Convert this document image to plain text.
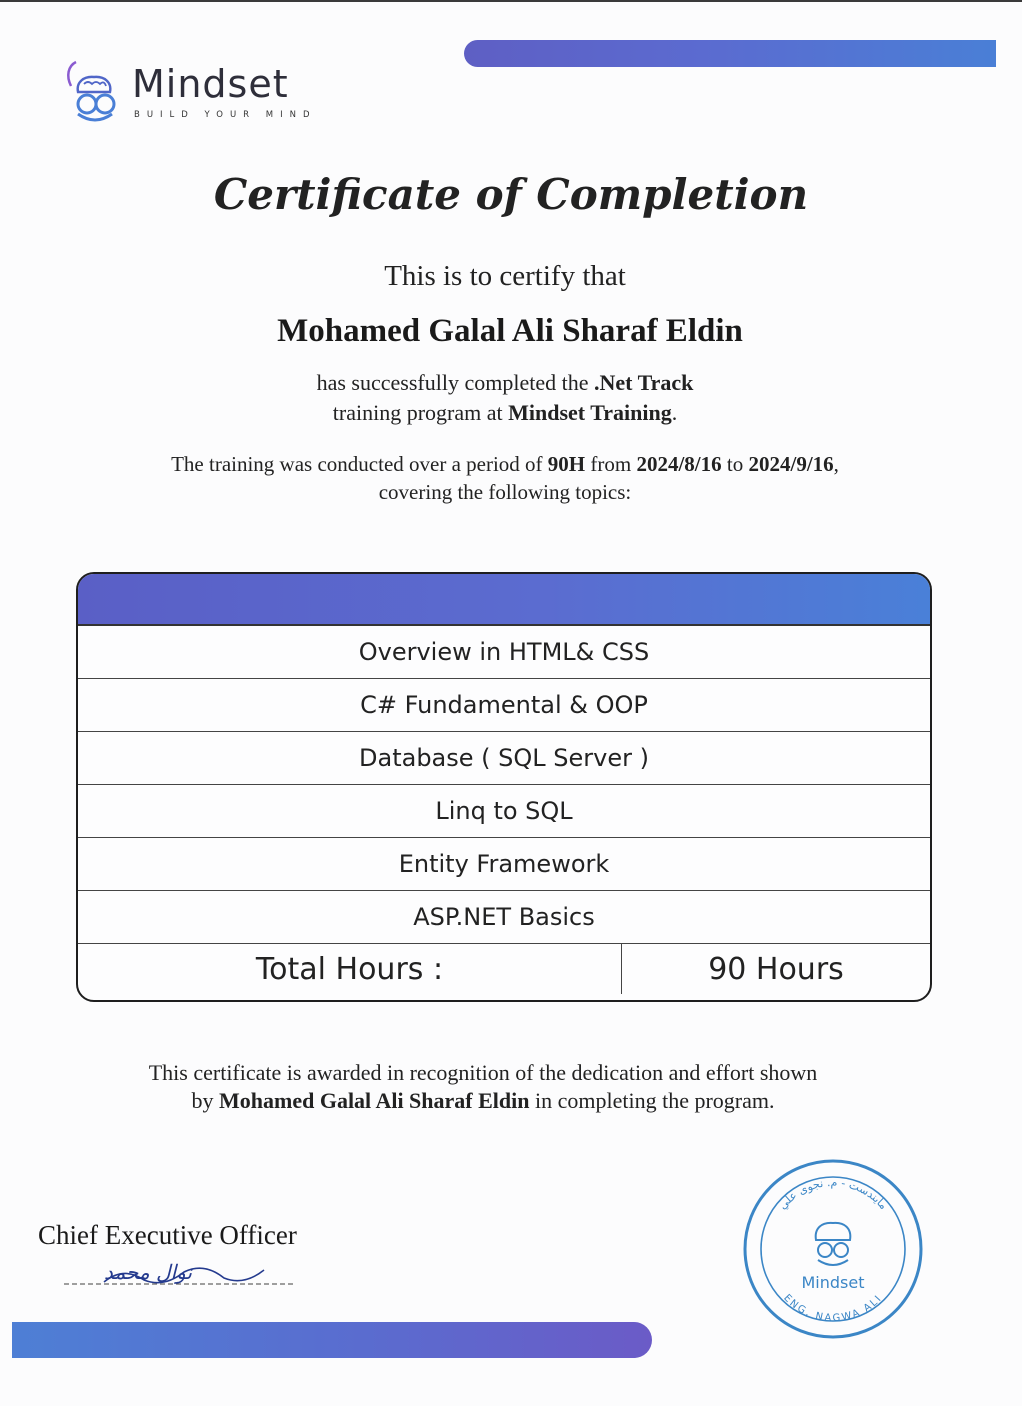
Mindset
BUILD YOUR MIND
Certificate of Completion
This is to certify that
Mohamed Galal Ali Sharaf Eldin
has successfully completed the .Net Track
training program at Mindset Training.
The training was conducted over a period of 90H from 2024/8/16 to 2024/9/16,
covering the following topics:
Overview in HTML& CSS
C# Fundamental & OOP
Database ( SQL Server )
Linq to SQL
Entity Framework
ASP.NET Basics
Total Hours :	90 Hours
This certificate is awarded in recognition of the dedication and effort shown
by Mohamed Galal Ali Sharaf Eldin in completing the program.
Chief Executive Officer
نوال محمد
مايندست - م. نجوى علي
ENG. NAGWA ALI
Mindset
